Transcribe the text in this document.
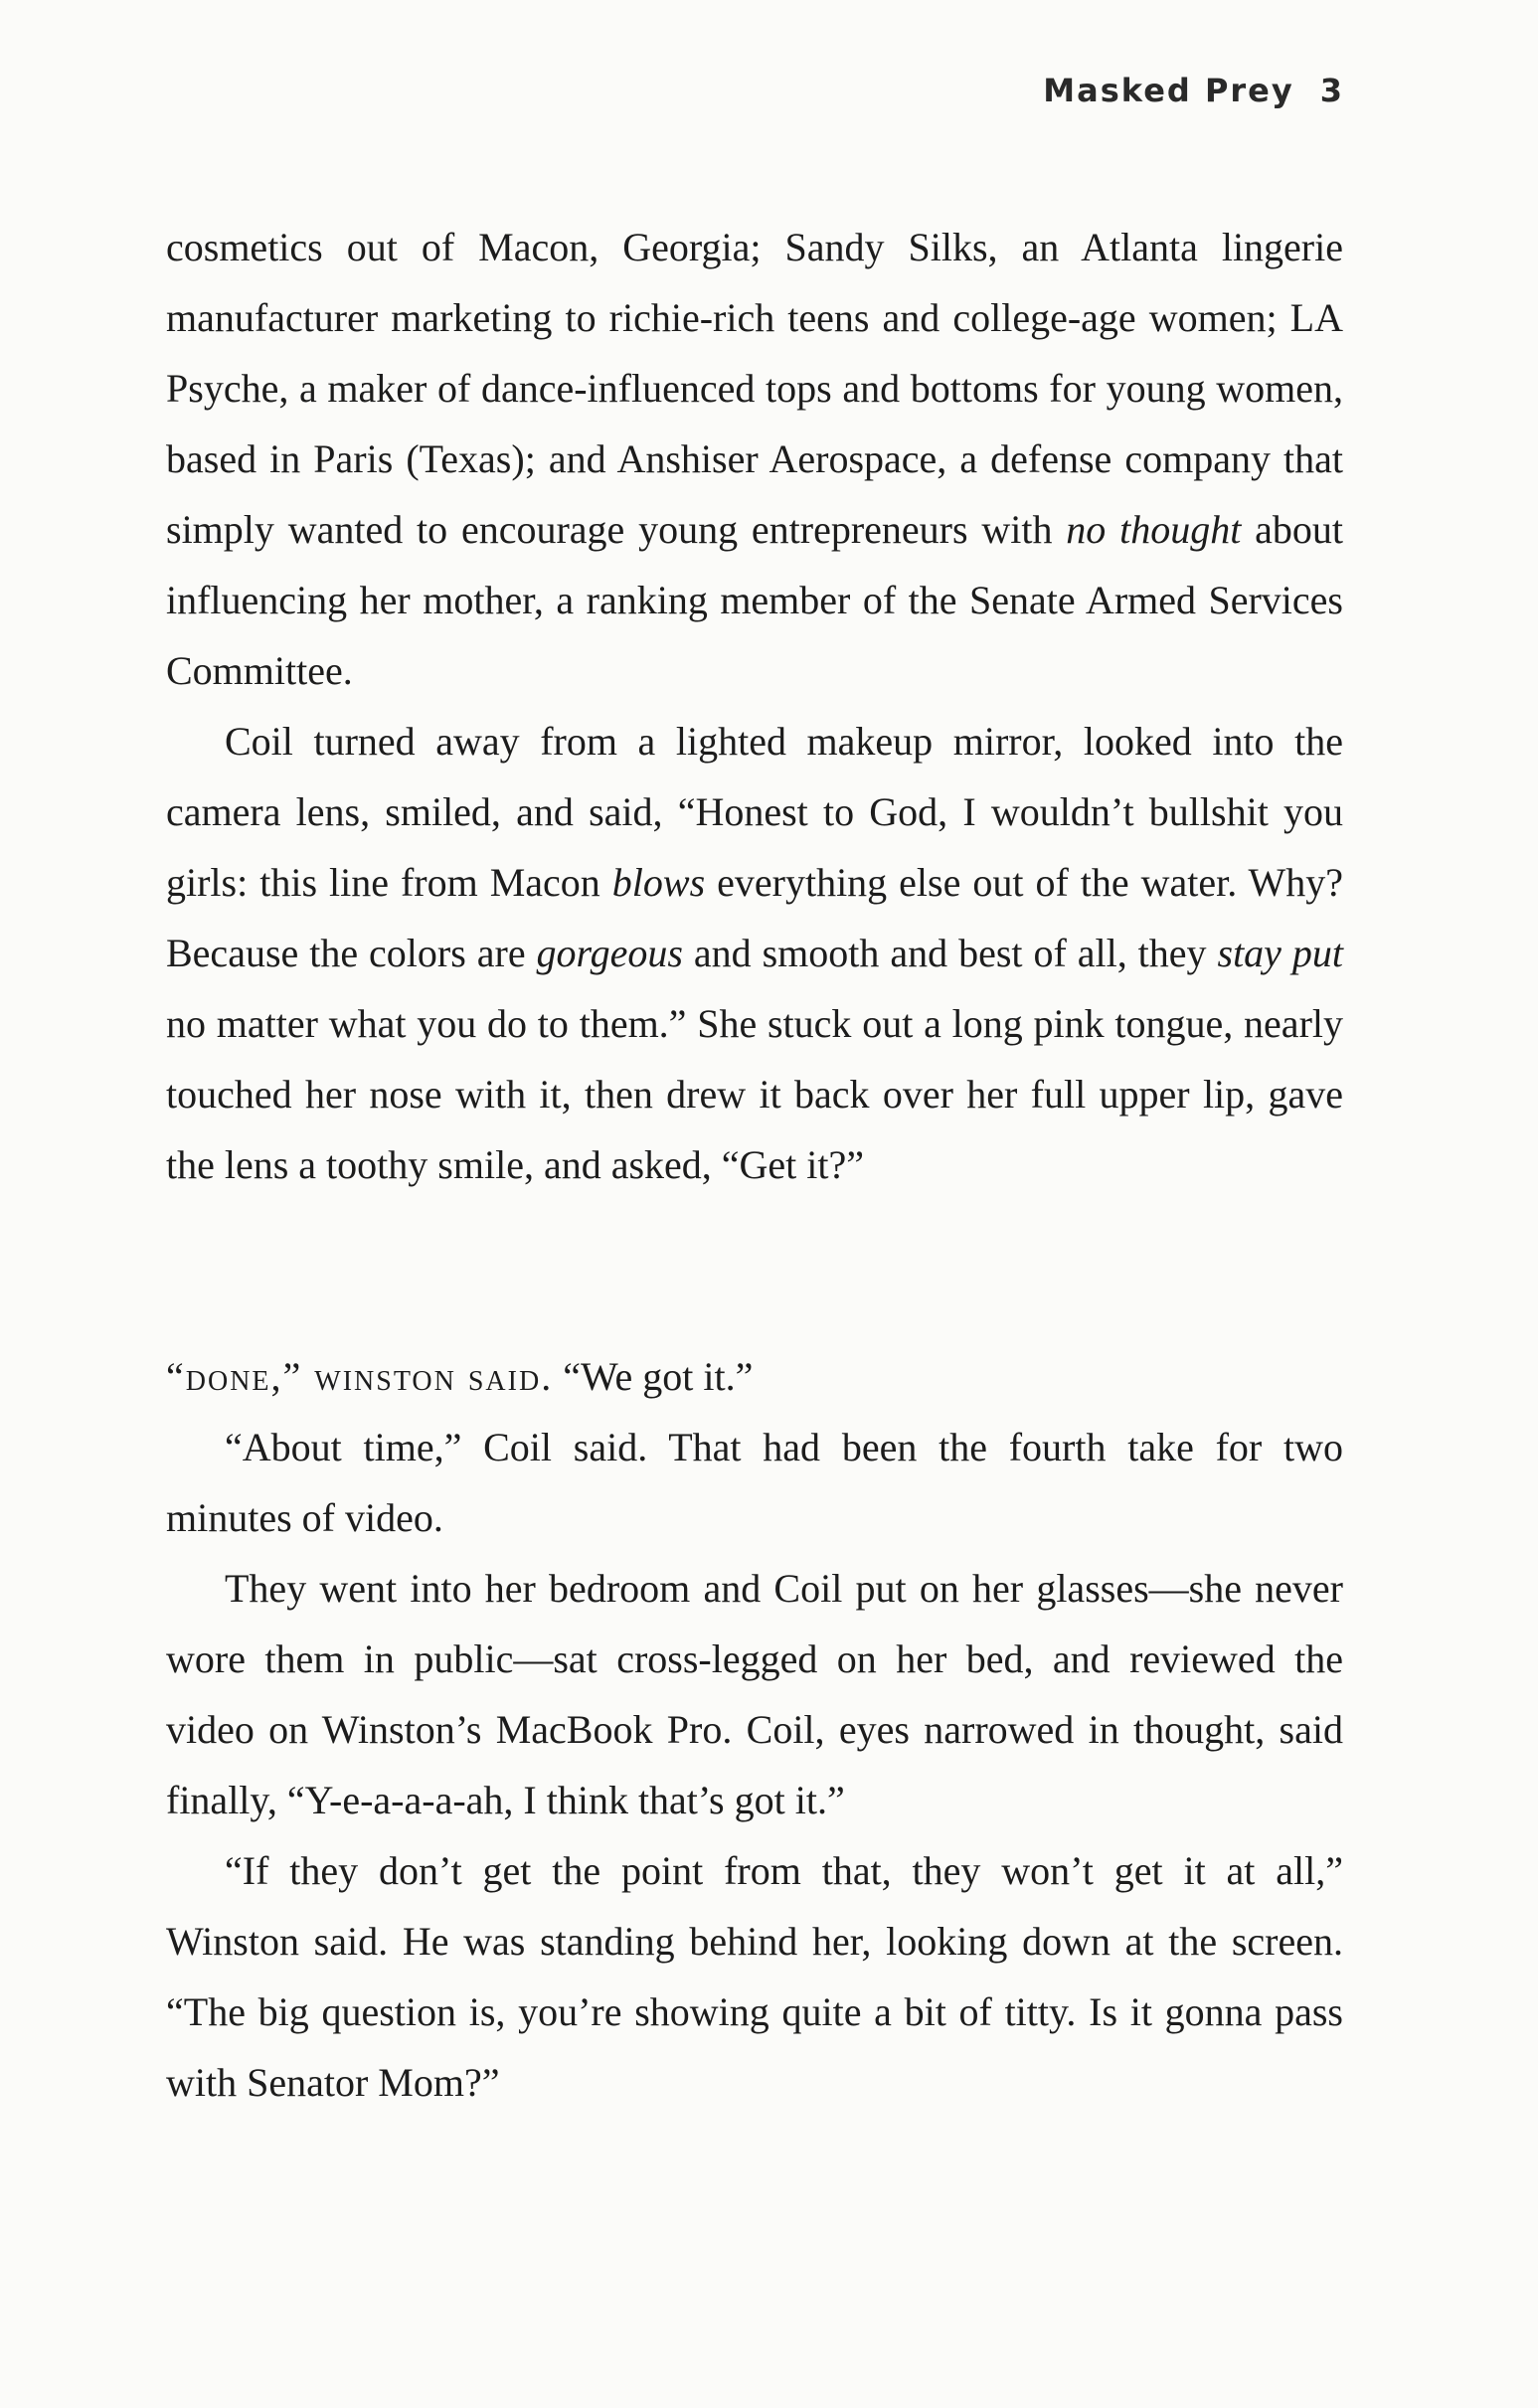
Masked Prey 3

cosmetics out of Macon, Georgia; Sandy Silks, an Atlanta lingerie manufacturer marketing to richie-rich teens and college-age women; LA Psyche, a maker of dance-influenced tops and bottoms for young women, based in Paris (Texas); and Anshiser Aerospace, a defense company that simply wanted to encourage young entrepreneurs with no thought about influencing her mother, a ranking member of the Senate Armed Services Committee.

Coil turned away from a lighted makeup mirror, looked into the camera lens, smiled, and said, “Honest to God, I wouldn’t bullshit you girls: this line from Macon blows everything else out of the water. Why? Because the colors are gorgeous and smooth and best of all, they stay put no matter what you do to them.” She stuck out a long pink tongue, nearly touched her nose with it, then drew it back over her full upper lip, gave the lens a toothy smile, and asked, “Get it?”

“done,” winston said. “We got it.”

“About time,” Coil said. That had been the fourth take for two minutes of video.

They went into her bedroom and Coil put on her glasses—she never wore them in public—sat cross-legged on her bed, and reviewed the video on Winston’s MacBook Pro. Coil, eyes narrowed in thought, said finally, “Y-e-a-a-a-ah, I think that’s got it.”

“If they don’t get the point from that, they won’t get it at all,” Winston said. He was standing behind her, looking down at the screen. “The big question is, you’re showing quite a bit of titty. Is it gonna pass with Senator Mom?”
